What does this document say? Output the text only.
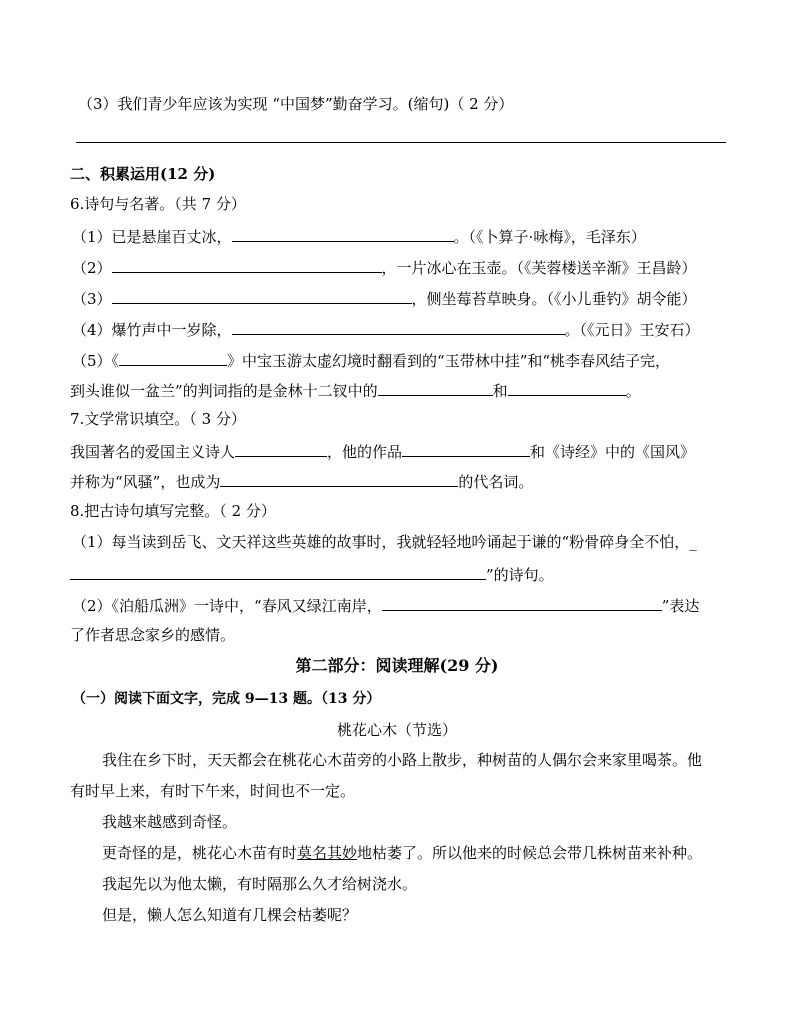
（3）我们青少年应该为实现 “中国梦”勤奋学习。(缩句)（ 2 分）
二、积累运用(12 分)
6.诗句与名著。（共 7 分）
（1）已是悬崖百丈冰，	。（《卜算子·咏梅》，毛泽东）
（2）	，一片冰心在玉壶。（《芙蓉楼送辛渐》王昌龄）
（3）	，侧坐莓苔草映身。（《小儿垂钓》胡令能）
（4）爆竹声中一岁除，	。（《元日》王安石）
（5）《	》中宝玉游太虚幻境时翻看到的“玉带林中挂”和“桃李春风结子完，
到头谁似一盆兰”的判词指的是金林十二钗中的	和	。
7.文学常识填空。（ 3 分）
我国著名的爱国主义诗人	，他的作品	和《诗经》中的《国风》
并称为“风骚”，也成为	的代名词。
8.把古诗句填写完整。（ 2 分）
（1）每当读到岳飞、文天祥这些英雄的故事时，我就轻轻地吟诵起于谦的“粉骨碎身全不怕，_
”的诗句。
（2）《泊船瓜洲》一诗中，“春风又绿江南岸，	”表达
了作者思念家乡的感情。
第二部分：阅读理解(29 分)
（一）阅读下面文字，完成 9—13 题。（13 分）
桃花心木（节选）
我住在乡下时，天天都会在桃花心木苗旁的小路上散步，种树苗的人偶尔会来家里喝茶。他
有时早上来，有时下午来，时间也不一定。
我越来越感到奇怪。
更奇怪的是，桃花心木苗有时莫名其妙地枯萎了。所以他来的时候总会带几株树苗来补种。
我起先以为他太懒，有时隔那么久才给树浇水。
但是，懒人怎么知道有几棵会枯萎呢？
